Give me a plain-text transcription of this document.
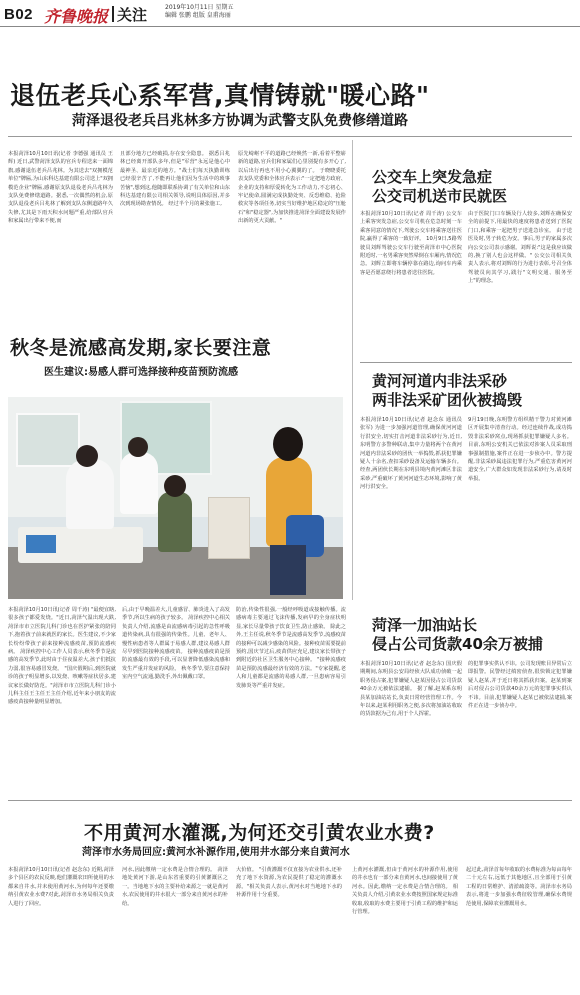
B02 齐鲁晚报 关注	2019年10月11日 星期五
编辑 张鹏 组版 皇甫海丽
退伍老兵心系军营,真情铸就"暖心路"
菏泽退役老兵吕兆林多方协调为武警支队免费修缮道路
本报菏泽10月10日讯(记者 李德强 通讯员 王辉) 近日,武警菏泽支队的官兵专程送来一面锦旗,感谢退伍老兵吕兆林。为其送去"双拥模范单位"牌匾,为山东科达基建有限公司送上"双拥模范企业"牌匾,感谢原支队退役老兵吕兆林为支队免费修缮道路。据悉,一次偶然的机会,原支队退役老兵吕兆林了解到支队东侧道路年久失修,尤其是下雨天积水问题严重,给部队官兵和家属出行带来不便,而
且部分地方已经破损,存在安全隐患。 据悉吕兆林已经离开部队多年,但是"军营"永远是他心中最神圣、最亲近的地方。"战士们每天执勤训练已经很辛苦了,不能再让他们因为生活中的琐事苦恼",想到这,他随即联系协调了有关单位和山东科达基建有限公司相关领导,说明具体原因,并多次到现场勘查情况。 经过半个月的紧张施工,
原先崎岖不平的道路已经焕然一新,看着平整崭新的道路,官兵们和家属们心里别提有多开心了,以后出行再也不用小心翼翼的了。 于晓晓委托表支队党委和全体官兵表示:"一定把地方政府、企业的支持和厚爱转化为工作动力,不忘初心、牢记使命,圆满完成执勤处突、反恐维稳、抢险救灾等各项任务,切实当好维护地区稳定的"压舱石"和"稳定器",为加快推进菏泽全面建设发展作出新的更大贡献。"
秋冬是流感高发期,家长要注意
医生建议:易感人群可选择接种疫苗预防流感
本报菏泽10月10日讯(记者 周千涛) "最便宜瞎,很多孩子都爱发烧。"近日,菏泽气温出现大跌,菏泽市市立医院儿科门诊也在医护紧张的陪同下,抱着孩子前来就医的家长。医生建议,不少家长纷纷带孩子前来接种流感疫苗,预防流感疾病。 菏泽疾控中心工作人员表示,秋冬季节是流感的高发季节,此时由于昼夜温差大,孩子们抵抗力弱,很容易感冒发烧。 "国庆假期后,到医院就诊的孩子明显增多,以发烧、咳嗽等症状居多,建议家长做好防范。"菏泽市市立医院儿科门诊小儿科主任王主任王主任介绍,近年来小朋友的流感疫苗接种量明显增加。
后,由于早晚温差大,儿童感冒、肺炎进入了高发季节,所以生病的孩子较多。 菏泽疾控中心相关负责人介绍,流感是由流感病毒引起的急性呼吸道传染病,具有很强的传染性。儿童、老年人、慢性病患者等人群属于易感人群,建议易感人群尽早到医院接种流感疫苗。 接种流感疫苗是预防流感最有效的手段,可以显著降低感染流感和发生严重并发症的风险。 秋冬季节,要注意保持室内空气流通,勤洗手,外出佩戴口罩。
防治,传染性很强,一般经呼吸道或接触传播。流感病毒主要通过飞沫传播,发病早的全身症状明显,家长尽量带孩子饮食卫生,防止感染。 除此之外,王主任说,秋冬季节是流感高发季节,流感疫苗的接种可以减少感染的风险。接种疫苗需要提前预约,国庆节过后,疫苗供应充足,建议家长带孩子到附近的社区卫生服务中心接种。 "接种流感疫苗是预防流感最经济有效的方法。"专家提醒,老人和儿童都是流感的易感人群,一旦患病容易引发肺炎等严重并发症。
公交车上突发急症
公交司机送市民就医
本报菏泽10月10日讯(记者 周千涛) 公交车上乘客突发急症,公交车司机在危急时刻一车乘客同意的情况下,驾驶公交车将乘客送往医院,赢得了乘客的一致好评。 10月9日,5路驾驶员刘辉驾驶公交车行驶至菏泽市中心医院附近时,一名男乘客突然晕倒在车厢内,情况危急。刘辉立即将车辆停靠在路边,询问车内乘客是否愿意绕行将患者送往医院。
由于医院门口车辆及行人较多,刘辉在确保安全的前提下,用最快的速度将患者送到了医院门口,和乘客一起把男子送进急诊室。 由于送医及时,男子转危为安。事后,男子的家属多次向公交公司表示感谢。刘辉说:"这是我应该做的,换了别人也会这样做。" 公交公司相关负责人表示,将对刘辉的行为进行表彰,号召全体驾驶员向其学习,践行"文明交通、服务至上"的理念。
黄河河道内非法采砂
两非法采矿团伙被捣毁
本报菏泽10月10日讯(记者 赵念东 通讯员 张军) 为进一步加强河道管理,确保黄河河道行洪安全,切实打击河道非法采砂行为,近日,东明警方多警种联动,集中力量将两个在黄河河道内非法采砂的团伙一举捣毁,抓获犯罪嫌疑人十余名,查扣采砂设备及运输车辆多台。 经查,两团伙长期在东明县境内黄河滩区非法采砂,严重破坏了黄河河道生态环境,影响了黄河行洪安全。
9月19日晚,东明警方组织精干警力对黄河滩区开展集中清查行动。经过连续作战,成功捣毁非法采砂窝点,现场抓获犯罪嫌疑人多名。 目前,东明公安机关已依法对涉案人员采取刑事强制措施,案件正在进一步侦办中。警方提醒,非法采砂属违法犯罪行为,严重危害黄河河道安全,广大群众如发现非法采砂行为,请及时举报。
菏泽一加油站长
侵占公司货款40余万被捕
本报菏泽10月10日讯(记者 赵念东) 国庆假期期间,东明县公安局经侦大队成功侦破一起职务侵占案,犯罪嫌疑人赵某因侵占公司货款40余万元被依法逮捕。 据了解,赵某系东明县某加油站站长,负责日常经营管理工作。今年以来,赵某利用职务之便,多次将加油站收取的货款据为己有,用于个人挥霍。
的犯罪事实供认不讳。公司发现账目异常后立即报警。民警经过缜密侦查,很快锁定犯罪嫌疑人赵某,并于近日将其抓获归案。赵某到案后对侵占公司货款40余万元的犯罪事实供认不讳。目前,犯罪嫌疑人赵某已被依法逮捕,案件正在进一步侦办中。
不用黄河水灌溉,为何还交引黄农业水费?
菏泽市水务局回应:黄河水补源作用,使用井水部分来自黄河水
本报菏泽10月10日讯(记者 赵念东) 近期,菏泽多个县区的农民反映,他们灌溉农田所使用的水都来自井水,并未使用黄河水,为何每年还要缴纳引黄农业水费?对此,菏泽市水务局相关负责人进行了回应。
河水,因此缴纳一定水费是合情合理的。 菏泽地处黄河下游,是山东省重要的引黄灌溉区之一。当地地下水的主要补给来源之一就是黄河水,农民使用的井水很大一部分来自黄河水的补给。
大价值。 "引黄灌溉不仅直接为农业供水,还补充了地下水资源,为农民提供了稳定的灌溉水源。"相关负责人表示,黄河水对当地地下水的补源作用十分重要。
上黄河水灌溉,但由于黄河水的补源作用,使用的井水也有一部分来自黄河水,也间接使用了黄河水。因此,缴纳一定水费是合情合理的。 相关负责人介绍,引黄农业水费按照国家规定标准收取,收取的水费主要用于引黄工程的维护和运行管理。
起过此,菏泽首每年收取的水费标准为每亩每年二十元左右,远低于其他地区,且全部用于引黄工程的日常维护、清淤疏浚等。菏泽市水务局表示,将进一步加强水费征收管理,确保水费规范使用,保障农业灌溉用水。
